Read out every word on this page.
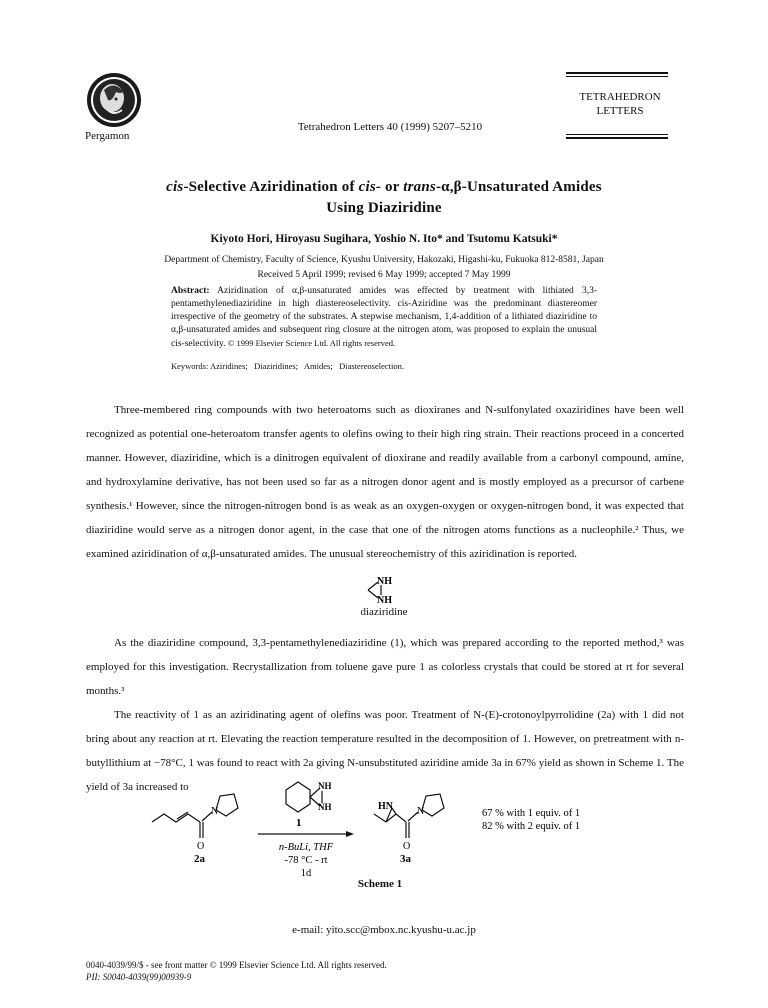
Pergamon
Tetrahedron Letters 40 (1999) 5207–5210
TETRAHEDRON
LETTERS
cis-Selective Aziridination of cis- or trans-α,β-Unsaturated Amides
Using Diaziridine
Kiyoto Hori, Hiroyasu Sugihara, Yoshio N. Ito* and Tsutomu Katsuki*
Department of Chemistry, Faculty of Science, Kyushu University, Hakozaki, Higashi-ku, Fukuoka 812-8581, Japan
Received 5 April 1999; revised 6 May 1999; accepted 7 May 1999
Abstract: Aziridination of α,β-unsaturated amides was effected by treatment with lithiated 3,3-pentamethylenediaziridine in high diastereoselectivity. cis-Aziridine was the predominant diastereomer irrespective of the geometry of the substrates. A stepwise mechanism, 1,4-addition of a lithiated diaziridine to α,β-unsaturated amides and subsequent ring closure at the nitrogen atom, was proposed to explain the unusual cis-selectivity. © 1999 Elsevier Science Ltd. All rights reserved.
Keywords: Aziridines;   Diaziridines;   Amides;   Diastereoselection.
Three-membered ring compounds with two heteroatoms such as dioxiranes and N-sulfonylated oxaziridines have been well recognized as potential one-heteroatom transfer agents to olefins owing to their high ring strain. Their reactions proceed in a concerted manner. However, diaziridine, which is a dinitrogen equivalent of dioxirane and readily available from a carbonyl compound, amine, and hydroxylamine derivative, has not been used so far as a nitrogen donor agent and is mostly employed as a precursor of carbene synthesis.¹ However, since the nitrogen-nitrogen bond is as weak as an oxygen-oxygen or oxygen-nitrogen bond, it was expected that diaziridine would serve as a nitrogen donor agent, in the case that one of the nitrogen atoms functions as a nucleophile.² Thus, we examined aziridination of α,β-unsaturated amides. The unusual stereochemistry of this aziridination is reported.
NH
NH
diaziridine
As the diaziridine compound, 3,3-pentamethylenediaziridine (1), which was prepared according to the reported method,³ was employed for this investigation. Recrystallization from toluene gave pure 1 as colorless crystals that could be stored at rt for several months.³
The reactivity of 1 as an aziridinating agent of olefins was poor. Treatment of N-(E)-crotonoylpyrrolidine (2a) with 1 did not bring about any reaction at rt. Elevating the reaction temperature resulted in the decomposition of 1. However, on pretreatment with n-butyllithium at −78°C, 1 was found to react with 2a giving N-unsubstituted aziridine amide 3a in 67% yield as shown in Scheme 1. The yield of 3a increased to
N
O
2a
NH
NH
1
n-BuLi, THF
-78 °C - rt
1d
HN N
O
3a
67 % with 1 equiv. of 1
82 % with 2 equiv. of 1
Scheme 1
e-mail: yito.scc@mbox.nc.kyushu-u.ac.jp
0040-4039/99/$ - see front matter © 1999 Elsevier Science Ltd. All rights reserved.
PII: S0040-4039(99)00939-9
